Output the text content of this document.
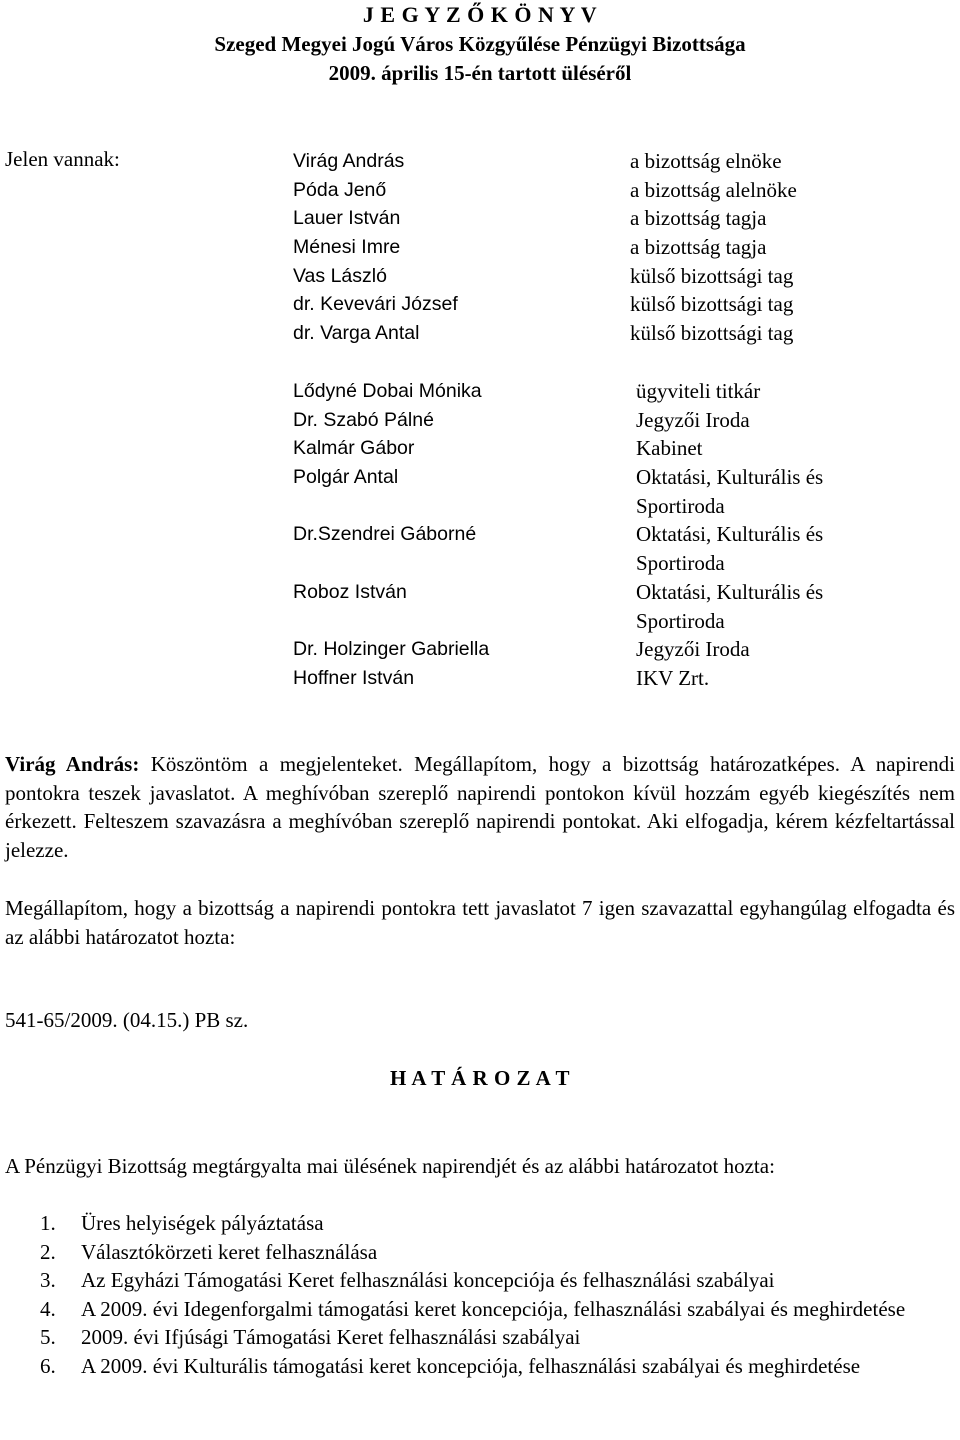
J E G Y Z Ő K Ö N Y V
Szeged Megyei Jogú Város Közgyűlése Pénzügyi Bizottsága
2009. április 15-én tartott üléséről
Jelen vannak:	Virág András
Póda Jenő
Lauer István
Ménesi Imre
Vas László
dr. Kevevári József
dr. Varga Antal
a bizottság elnöke
a bizottság alelnöke
a bizottság tagja
a bizottság tagja
külső bizottsági tag
külső bizottsági tag
külső bizottsági tag
Lődyné Dobai Mónika
Dr. Szabó Pálné
Kalmár Gábor
Polgár Antal
Dr.Szendrei Gáborné
Roboz István
Dr. Holzinger Gabriella
Hoffner István
ügyviteli titkár
Jegyzői Iroda
Kabinet
Oktatási, Kulturális és
Sportiroda
Oktatási, Kulturális és
Sportiroda
Oktatási, Kulturális és
Sportiroda
Jegyzői Iroda
IKV Zrt.
Virág András: Köszöntöm a megjelenteket. Megállapítom, hogy a bizottság határozatképes. A napirendi pontokra teszek javaslatot. A meghívóban szereplő napirendi pontokon kívül hozzám egyéb kiegészítés nem érkezett. Felteszem szavazásra a meghívóban szereplő napirendi pontokat. Aki elfogadja, kérem kézfeltartással jelezze.
Megállapítom, hogy a bizottság a napirendi pontokra tett javaslatot 7 igen szavazattal egyhangúlag elfogadta és az alábbi határozatot hozta:
541-65/2009. (04.15.) PB sz.
H A T Á R O Z A T
A Pénzügyi Bizottság megtárgyalta mai ülésének napirendjét és az alábbi határozatot hozta:
1. Üres helyiségek pályáztatása
2. Választókörzeti keret felhasználása
3. Az Egyházi Támogatási Keret felhasználási koncepciója és felhasználási szabályai
4. A 2009. évi Idegenforgalmi támogatási keret koncepciója, felhasználási szabályai és meghirdetése
5. 2009. évi Ifjúsági Támogatási Keret felhasználási szabályai
6. A 2009. évi Kulturális támogatási keret koncepciója, felhasználási szabályai és meghirdetése
